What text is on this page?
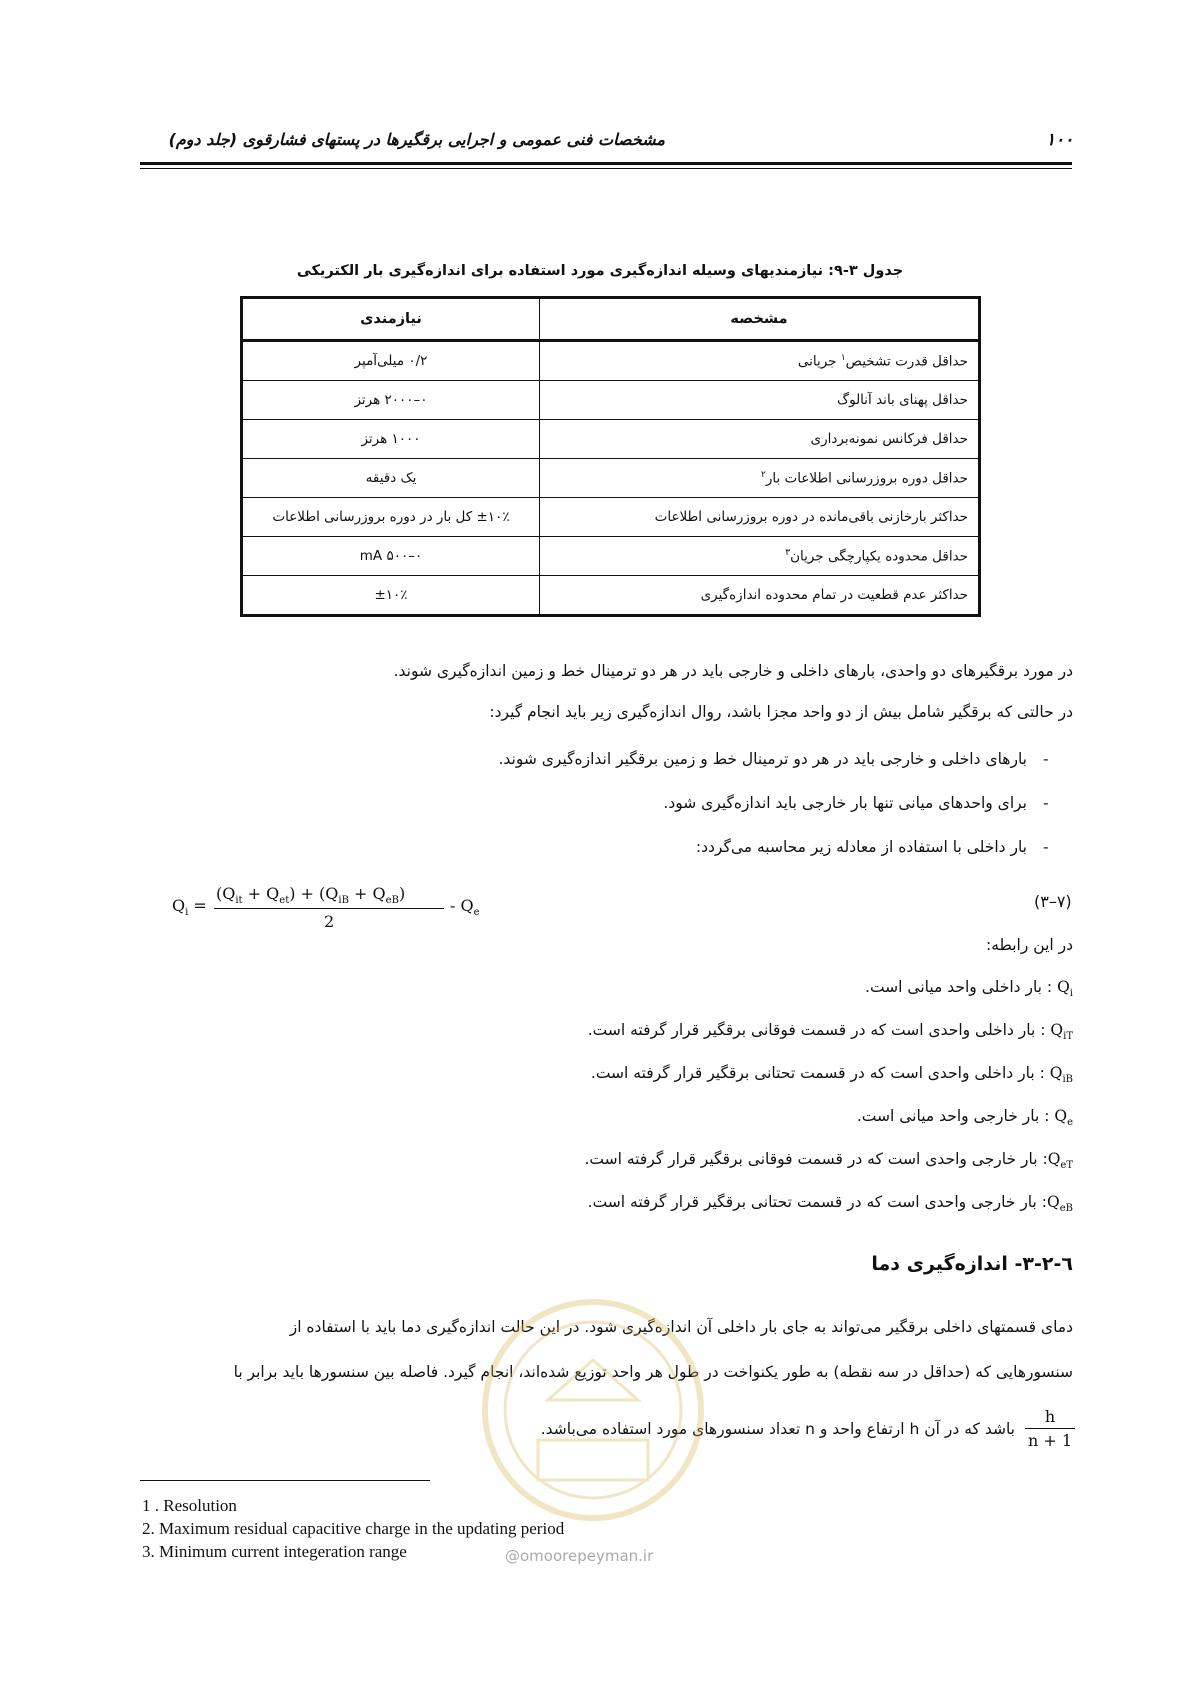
۱۰۰
مشخصات فنی عمومی و اجرایی برقگیرها در پستهای فشارقوی (جلد دوم)
جدول ۳-۹: نیازمندیهای وسیله اندازه‌گیری مورد استفاده برای اندازه‌گیری بار الکتریکی
مشخصه	نیازمندی
حداقل قدرت تشخیص$^۱$ جریانی	۰/۲ میلی‌آمپر
حداقل پهنای باند آنالوگ	۰–۲۰۰۰ هرتز
حداقل فرکانس نمونه‌برداری	۱۰۰۰ هرتز
حداقل دوره بروزرسانی اطلاعات بار$^۲$	یک دقیقه
حداکثر بارخازنی باقی‌مانده در دوره بروزرسانی اطلاعات	±۱۰٪ کل بار در دوره بروزرسانی اطلاعات
حداقل محدوده یکپارچگی جریان$^۳$	۰–۵۰۰ mA
حداکثر عدم قطعیت در تمام محدوده اندازه‌گیری	±۱۰٪
در مورد برقگیرهای دو واحدی، بارهای داخلی و خارجی باید در هر دو ترمینال خط و زمین اندازه‌گیری شوند.
در حالتی که برقگیر شامل بیش از دو واحد مجزا باشد، روال اندازه‌گیری زیر باید انجام گیرد:
-
بارهای داخلی و خارجی باید در هر دو ترمینال خط و زمین برقگیر اندازه‌گیری شوند.
-
برای واحدهای میانی تنها بار خارجی باید اندازه‌گیری شود.
-
بار داخلی با استفاده از معادله زیر محاسبه می‌گردد:
$Q_i$ =
$(Q_{it} + Q_{et}) + (Q_{iB} + Q_{eB})$
2
- $Q_e$
(۳–۷)
در این رابطه:
$Q_i$ : بار داخلی واحد میانی است.
$Q_{iT}$ : بار داخلی واحدی است که در قسمت فوقانی برقگیر قرار گرفته است.
$Q_{iB}$ : بار داخلی واحدی است که در قسمت تحتانی برقگیر قرار گرفته است.
$Q_e$ : بار خارجی واحد میانی است.
$Q_{eT}$: بار خارجی واحدی است که در قسمت فوقانی برقگیر قرار گرفته است.
$Q_{eB}$: بار خارجی واحدی است که در قسمت تحتانی برقگیر قرار گرفته است.
٦-۳-۲- اندازه‌گیری دما
دمای قسمتهای داخلی برقگیر می‌تواند به جای بار داخلی آن اندازه‌گیری شود. در این حالت اندازه‌گیری دما باید با استفاده از
سنسورهایی که (حداقل در سه نقطه) به طور یکنواخت در طول هر واحد توزیع شده‌اند، انجام گیرد. فاصله بین سنسورها باید برابر با
h
n + 1
باشد که در آن h ارتفاع واحد و n تعداد سنسورهای مورد استفاده می‌باشد.
@omoorepeyman.ir
1 . Resolution
2. Maximum residual capacitive charge in the updating period
3. Minimum current integeration range
